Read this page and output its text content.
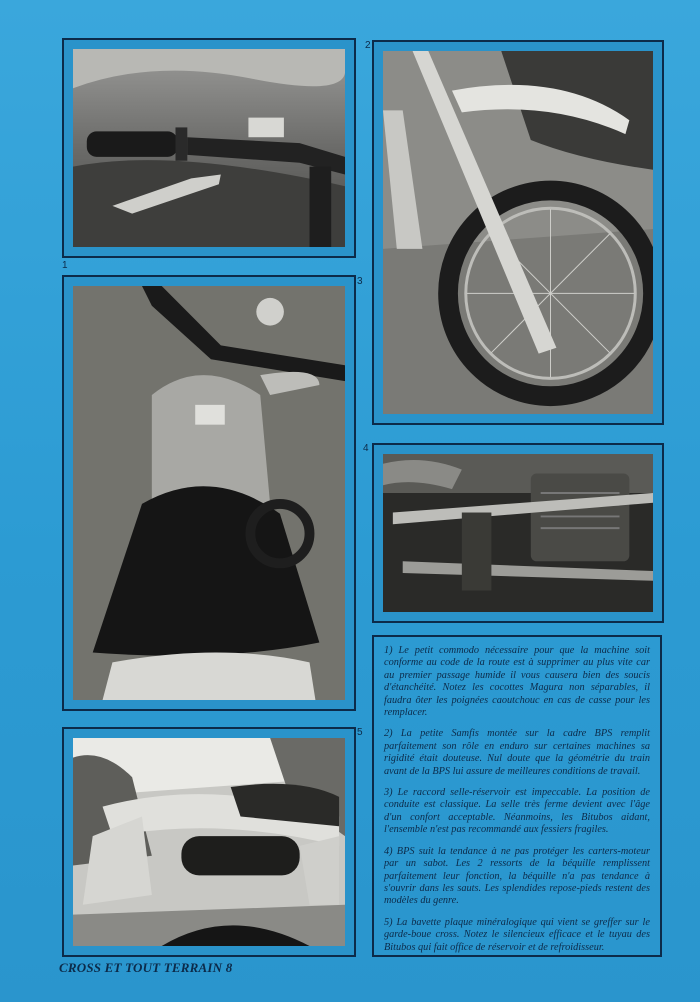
1
2
3
4
5

1) Le petit commodo nécessaire pour que la machine soit conforme au code de la route est à supprimer au plus vite car au premier passage humide il vous causera bien des soucis d'étanchéité. Notez les cocottes Magura non séparables, il faudra ôter les poignées caoutchouc en cas de casse pour les remplacer.

2) La petite Samfis montée sur la cadre BPS remplit parfaitement son rôle en enduro sur certaines machines sa rigidité était douteuse. Nul doute que la géométrie du train avant de la BPS lui assure de meilleures conditions de travail.

3) Le raccord selle-réservoir est impeccable. La position de conduite est classique. La selle très ferme devient avec l'âge d'un confort acceptable. Néanmoins, les Bitubos aidant, l'ensemble n'est pas recommandé aux fessiers fragiles.

4) BPS suit la tendance à ne pas protéger les carters-moteur par un sabot. Les 2 ressorts de la béquille remplissent parfaitement leur fonction, la béquille n'a pas tendance à s'ouvrir dans les sauts. Les splendides repose-pieds restent des modèles du genre.

5) La bavette plaque minéralogique qui vient se greffer sur le garde-boue cross. Notez le silencieux efficace et le tuyau des Bitubos qui fait office de réservoir et de refroidisseur.

CROSS ET TOUT TERRAIN 8
